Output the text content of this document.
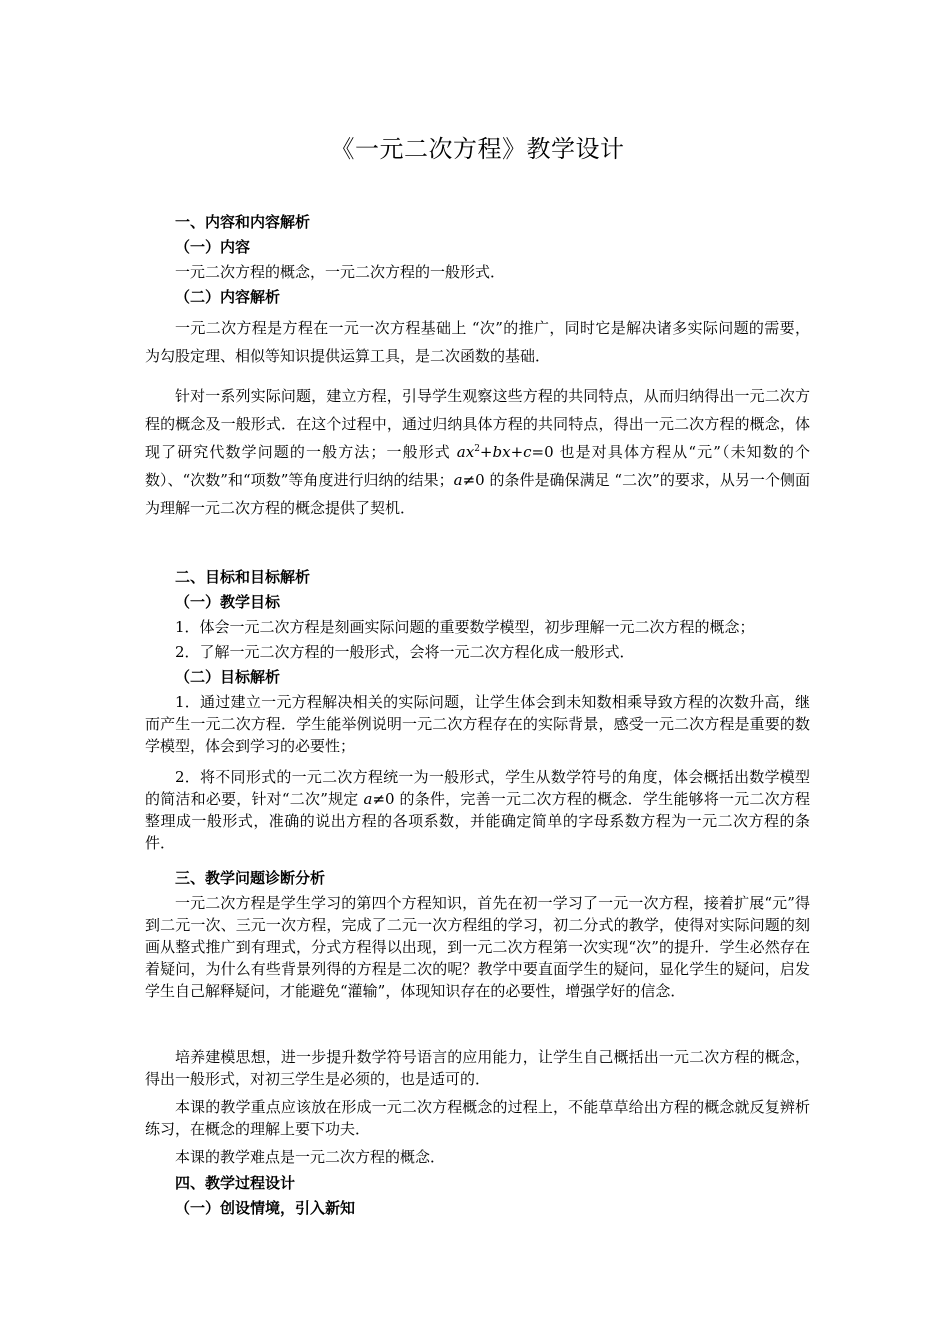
《一元二次方程》教学设计
一、内容和内容解析
（一）内容
一元二次方程的概念，一元二次方程的一般形式．
（二）内容解析
一元二次方程是方程在一元一次方程基础上 “次”的推广，同时它是解决诸多实际问题的需要，为勾股定理、相似等知识提供运算工具，是二次函数的基础．
针对一系列实际问题，建立方程，引导学生观察这些方程的共同特点，从而归纳得出一元二次方程的概念及一般形式．在这个过程中，通过归纳具体方程的共同特点，得出一元二次方程的概念，体现了研究代数学问题的一般方法；一般形式 $ax^2+bx+c=0$ 也是对具体方程从“元”（未知数的个数）、“次数”和“项数”等角度进行归纳的结果；a≠0 的条件是确保满足 “二次”的要求，从另一个侧面为理解一元二次方程的概念提供了契机．
二、目标和目标解析
（一）教学目标
1．体会一元二次方程是刻画实际问题的重要数学模型，初步理解一元二次方程的概念；
2．了解一元二次方程的一般形式，会将一元二次方程化成一般形式．
（二）目标解析
1．通过建立一元方程解决相关的实际问题，让学生体会到未知数相乘导致方程的次数升高，继而产生一元二次方程．学生能举例说明一元二次方程存在的实际背景，感受一元二次方程是重要的数学模型，体会到学习的必要性；
2．将不同形式的一元二次方程统一为一般形式，学生从数学符号的角度，体会概括出数学模型的简洁和必要，针对“二次”规定 a≠0 的条件，完善一元二次方程的概念．学生能够将一元二次方程整理成一般形式，准确的说出方程的各项系数，并能确定简单的字母系数方程为一元二次方程的条件．
三、教学问题诊断分析
一元二次方程是学生学习的第四个方程知识，首先在初一学习了一元一次方程，接着扩展“元”得到二元一次、三元一次方程，完成了二元一次方程组的学习，初二分式的教学，使得对实际问题的刻画从整式推广到有理式，分式方程得以出现，到一元二次方程第一次实现“次”的提升．学生必然存在着疑问，为什么有些背景列得的方程是二次的呢？教学中要直面学生的疑问，显化学生的疑问，启发学生自己解释疑问，才能避免“灌输”，体现知识存在的必要性，增强学好的信念．
培养建模思想，进一步提升数学符号语言的应用能力，让学生自己概括出一元二次方程的概念，得出一般形式，对初三学生是必须的，也是适可的．
本课的教学重点应该放在形成一元二次方程概念的过程上，不能草草给出方程的概念就反复辨析练习，在概念的理解上要下功夫．
本课的教学难点是一元二次方程的概念．
四、教学过程设计
（一）创设情境，引入新知
